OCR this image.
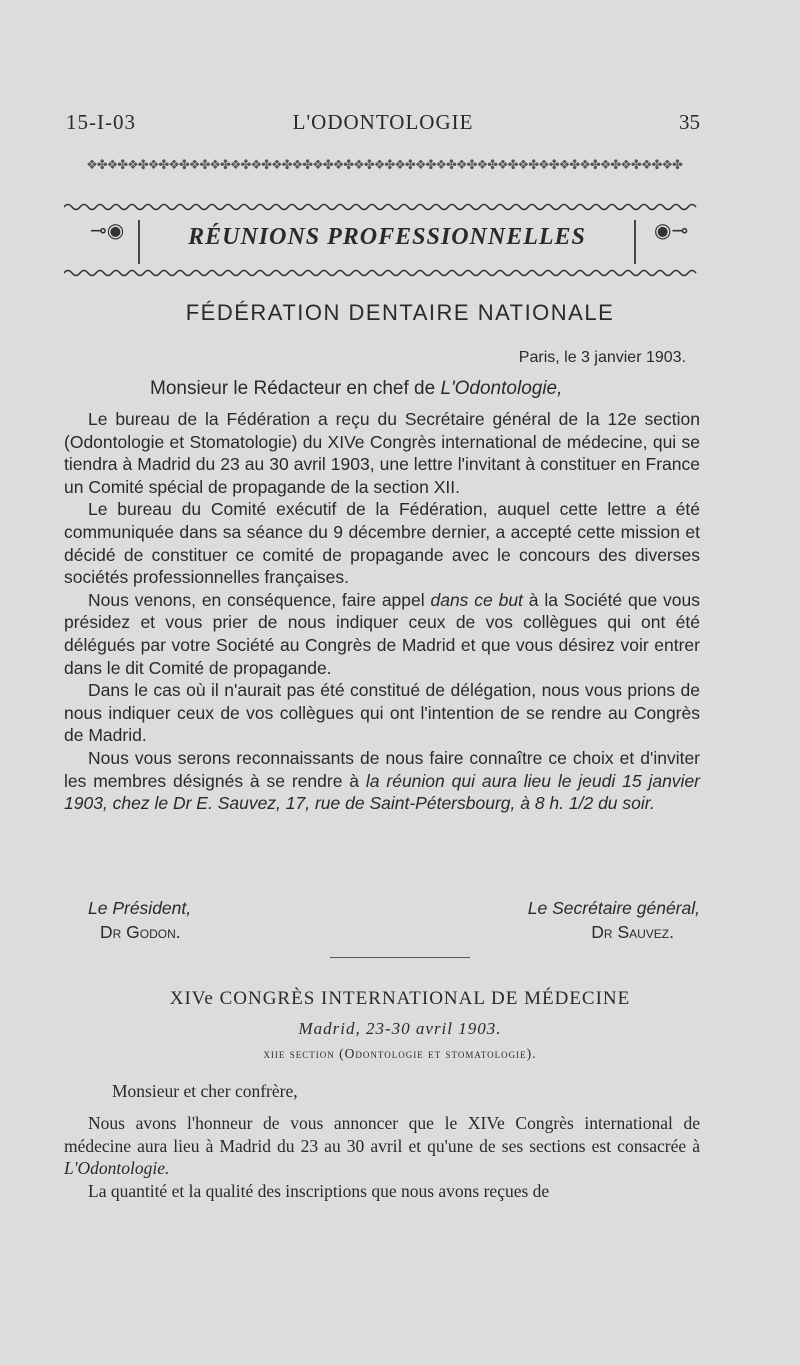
15-I-03	L'ODONTOLOGIE	35
❖✤❖✤❖✤❖✤❖✤❖✤❖✤❖✤❖✤❖✤❖✤❖✤❖✤❖✤❖✤❖✤❖✤❖✤❖✤❖✤❖✤❖✤❖✤❖✤❖✤❖✤❖✤❖✤❖✤
⊸◉	RÉUNIONS PROFESSIONNELLES	◉⊸
FÉDÉRATION DENTAIRE NATIONALE
Paris, le 3 janvier 1903.
Monsieur le Rédacteur en chef de L'Odontologie,
Le bureau de la Fédération a reçu du Secrétaire général de la 12e section (Odontologie et Stomatologie) du XIVe Congrès international de médecine, qui se tiendra à Madrid du 23 au 30 avril 1903, une lettre l'invitant à constituer en France un Comité spécial de propagande de la section XII.
Le bureau du Comité exécutif de la Fédération, auquel cette lettre a été communiquée dans sa séance du 9 décembre dernier, a accepté cette mission et décidé de constituer ce comité de propagande avec le concours des diverses sociétés professionnelles françaises.
Nous venons, en conséquence, faire appel dans ce but à la Société que vous présidez et vous prier de nous indiquer ceux de vos collègues qui ont été délégués par votre Société au Congrès de Madrid et que vous désirez voir entrer dans le dit Comité de propagande.
Dans le cas où il n'aurait pas été constitué de délégation, nous vous prions de nous indiquer ceux de vos collègues qui ont l'intention de se rendre au Congrès de Madrid.
Nous vous serons reconnaissants de nous faire connaître ce choix et d'inviter les membres désignés à se rendre à la réunion qui aura lieu le jeudi 15 janvier 1903, chez le Dr E. Sauvez, 17, rue de Saint-Pétersbourg, à 8 h. 1/2 du soir.
Le Président,
Dr Godon.
Le Secrétaire général,
Dr Sauvez.
XIVe CONGRÈS INTERNATIONAL DE MÉDECINE
Madrid, 23-30 avril 1903.
xiie section (Odontologie et stomatologie).
Monsieur et cher confrère,
Nous avons l'honneur de vous annoncer que le XIVe Congrès international de médecine aura lieu à Madrid du 23 au 30 avril et qu'une de ses sections est consacrée à L'Odontologie.
La quantité et la qualité des inscriptions que nous avons reçues de
